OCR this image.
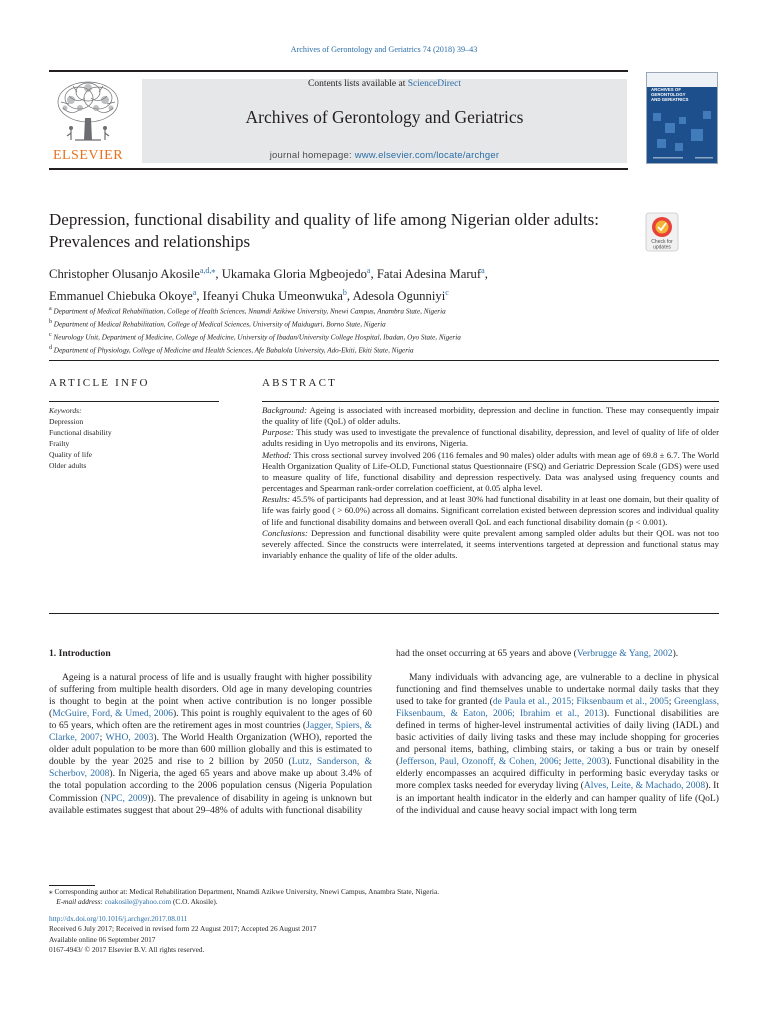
Archives of Gerontology and Geriatrics 74 (2018) 39–43
ELSEVIER
Contents lists available at ScienceDirect
Archives of Gerontology and Geriatrics
journal homepage: www.elsevier.com/locate/archger
ARCHIVES OF GERONTOLOGY
AND GERIATRICS
Depression, functional disability and quality of life among Nigerian older adults: Prevalences and relationships	Check for
updates
Christopher Olusanjo Akosile$^{a,d,⁎}$, Ukamaka Gloria Mgbeojedo$^a$, Fatai Adesina Maruf$^a$,
Emmanuel Chiebuka Okoye$^a$, Ifeanyi Chuka Umeonwuka$^b$, Adesola Ogunniyi$^c$
$^a$ Department of Medical Rehabilitation, College of Health Sciences, Nnamdi Azikiwe University, Nnewi Campus, Anambra State, Nigeria
$^b$ Department of Medical Rehabilitation, College of Medical Sciences, University of Maiduguri, Borno State, Nigeria
$^c$ Neurology Unit, Department of Medicine, College of Medicine, University of Ibadan/University College Hospital, Ibadan, Oyo State, Nigeria
$^d$ Department of Physiology, College of Medicine and Health Sciences, Afe Babalola University, Ado-Ekiti, Ekiti State, Nigeria
ARTICLE INFO
Keywords:
Depression
Functional disability
Frailty
Quality of life
Older adults
ABSTRACT

Background: Ageing is associated with increased morbidity, depression and decline in function. These may consequently impair the quality of life (QoL) of older adults.

Purpose: This study was used to investigate the prevalence of functional disability, depression, and level of quality of life of older adults residing in Uyo metropolis and its environs, Nigeria.

Method: This cross sectional survey involved 206 (116 females and 90 males) older adults with mean age of 69.8 ± 6.7. The World Health Organization Quality of Life-OLD, Functional status Questionnaire (FSQ) and Geriatric Depression Scale (GDS) were used to measure quality of life, functional disability and depression respectively. Data was analysed using frequency counts and percentages and Spearman rank-order correlation coefficient, at 0.05 alpha level.

Results: 45.5% of participants had depression, and at least 30% had functional disability in at least one domain, but their quality of life was fairly good ( > 60.0%) across all domains. Significant correlation existed between depression scores and individual quality of life and functional disability domains and between overall QoL and each functional disability domain (p < 0.001).

Conclusions: Depression and functional disability were quite prevalent among sampled older adults but their QOL was not too severely affected. Since the constructs were interrelated, it seems interventions targeted at depression and functional status may invariably enhance the quality of life of the older adults.

1. Introduction

Ageing is a natural process of life and is usually fraught with higher possibility of suffering from multiple health disorders. Old age in many developing countries is thought to begin at the point when active contribution is no longer possible (McGuire, Ford, & Umed, 2006). This point is roughly equivalent to the ages of 60 to 65 years, which often are the retirement ages in most countries (Jagger, Spiers, & Clarke, 2007; WHO, 2003). The World Health Organization (WHO), reported the older adult population to be more than 600 million globally and this is estimated to double by the year 2025 and rise to 2 billion by 2050 (Lutz, Sanderson, & Scherbov, 2008). In Nigeria, the aged 65 years and above make up about 3.4% of the total population according to the 2006 population census (Nigeria Population Commission (NPC, 2009)). The prevalence of disability in ageing is unknown but available estimates suggest that about 29–48% of adults with functional disability

had the onset occurring at 65 years and above (Verbrugge & Yang, 2002).

Many individuals with advancing age, are vulnerable to a decline in physical functioning and find themselves unable to undertake normal daily tasks that they used to take for granted (de Paula et al., 2015; Fiksenbaum et al., 2005; Greenglass, Fiksenbaum, & Eaton, 2006; Ibrahim et al., 2013). Functional disabilities are defined in terms of higher-level instrumental activities of daily living (IADL) and basic activities of daily living tasks and these may include shopping for groceries and personal items, bathing, climbing stairs, or taking a bus or train by oneself (Jefferson, Paul, Ozonoff, & Cohen, 2006; Jette, 2003). Functional disability in the elderly encompasses an acquired difficulty in performing basic everyday tasks or more complex tasks needed for everyday living (Alves, Leite, & Machado, 2008). It is an important health indicator in the elderly and can hamper quality of life (QoL) of the individual and cause heavy social impact with long term

⁎ Corresponding author at: Medical Rehabilitation Department, Nnamdi Azikwe University, Nnewi Campus, Anambra State, Nigeria.

E-mail address: coakosile@yahoo.com (C.O. Akosile).

http://dx.doi.org/10.1016/j.archger.2017.08.011

Received 6 July 2017; Received in revised form 22 August 2017; Accepted 26 August 2017

Available online 06 September 2017

0167-4943/ © 2017 Elsevier B.V. All rights reserved.
